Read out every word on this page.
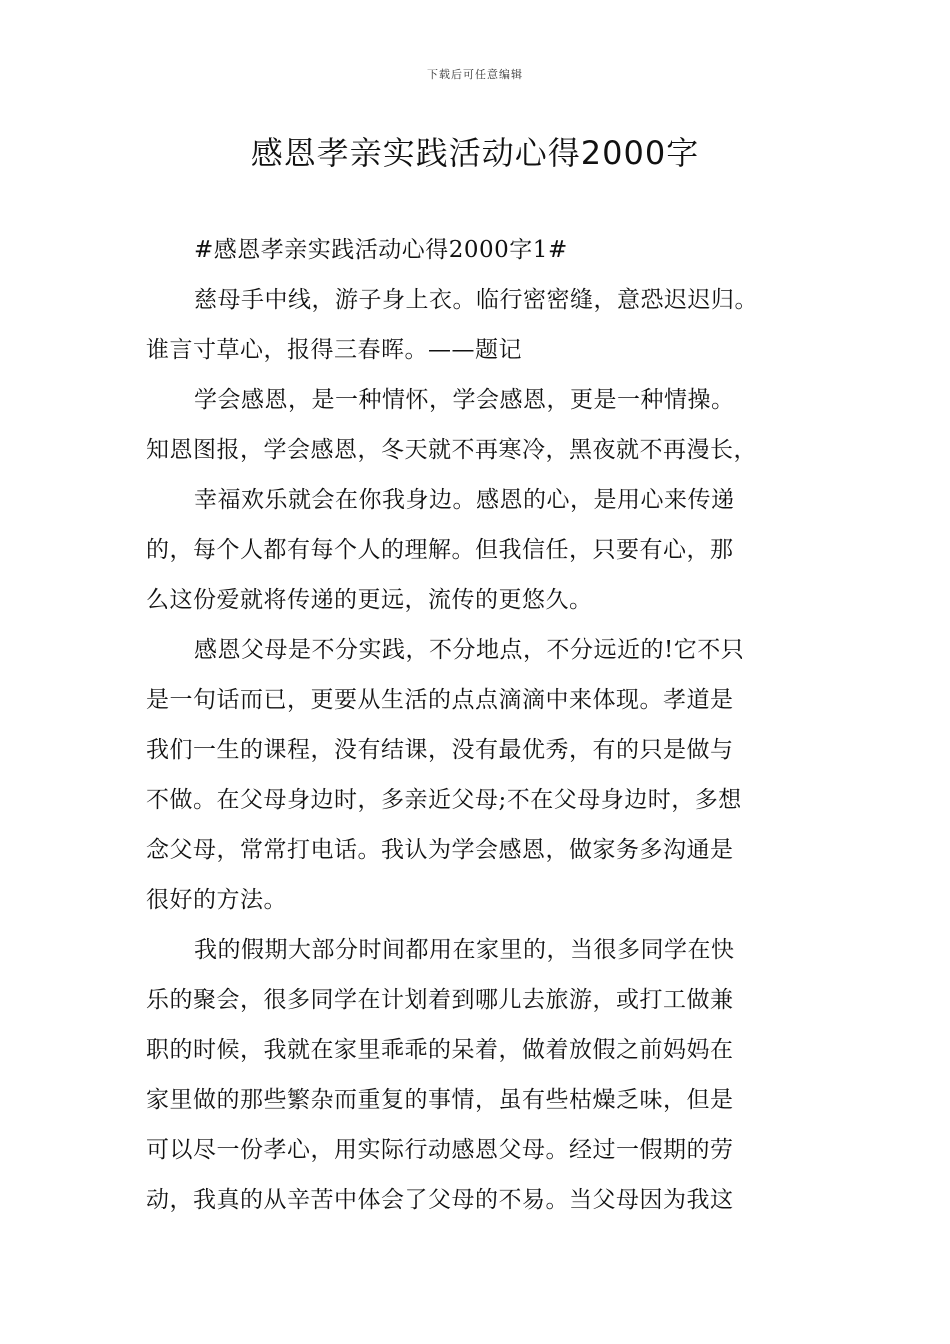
下载后可任意编辑
感恩孝亲实践活动心得2000字
#感恩孝亲实践活动心得2000字1#
慈母手中线，游子身上衣。临行密密缝，意恐迟迟归。
谁言寸草心，报得三春晖。——题记
学会感恩，是一种情怀，学会感恩，更是一种情操。
知恩图报，学会感恩，冬天就不再寒冷，黑夜就不再漫长，
幸福欢乐就会在你我身边。感恩的心，是用心来传递
的，每个人都有每个人的理解。但我信任，只要有心，那
么这份爱就将传递的更远，流传的更悠久。
感恩父母是不分实践，不分地点，不分远近的!它不只
是一句话而已，更要从生活的点点滴滴中来体现。孝道是
我们一生的课程，没有结课，没有最优秀，有的只是做与
不做。在父母身边时，多亲近父母;不在父母身边时，多想
念父母，常常打电话。我认为学会感恩，做家务多沟通是
很好的方法。
我的假期大部分时间都用在家里的，当很多同学在快
乐的聚会，很多同学在计划着到哪儿去旅游，或打工做兼
职的时候，我就在家里乖乖的呆着，做着放假之前妈妈在
家里做的那些繁杂而重复的事情，虽有些枯燥乏味，但是
可以尽一份孝心，用实际行动感恩父母。经过一假期的劳
动，我真的从辛苦中体会了父母的不易。当父母因为我这
